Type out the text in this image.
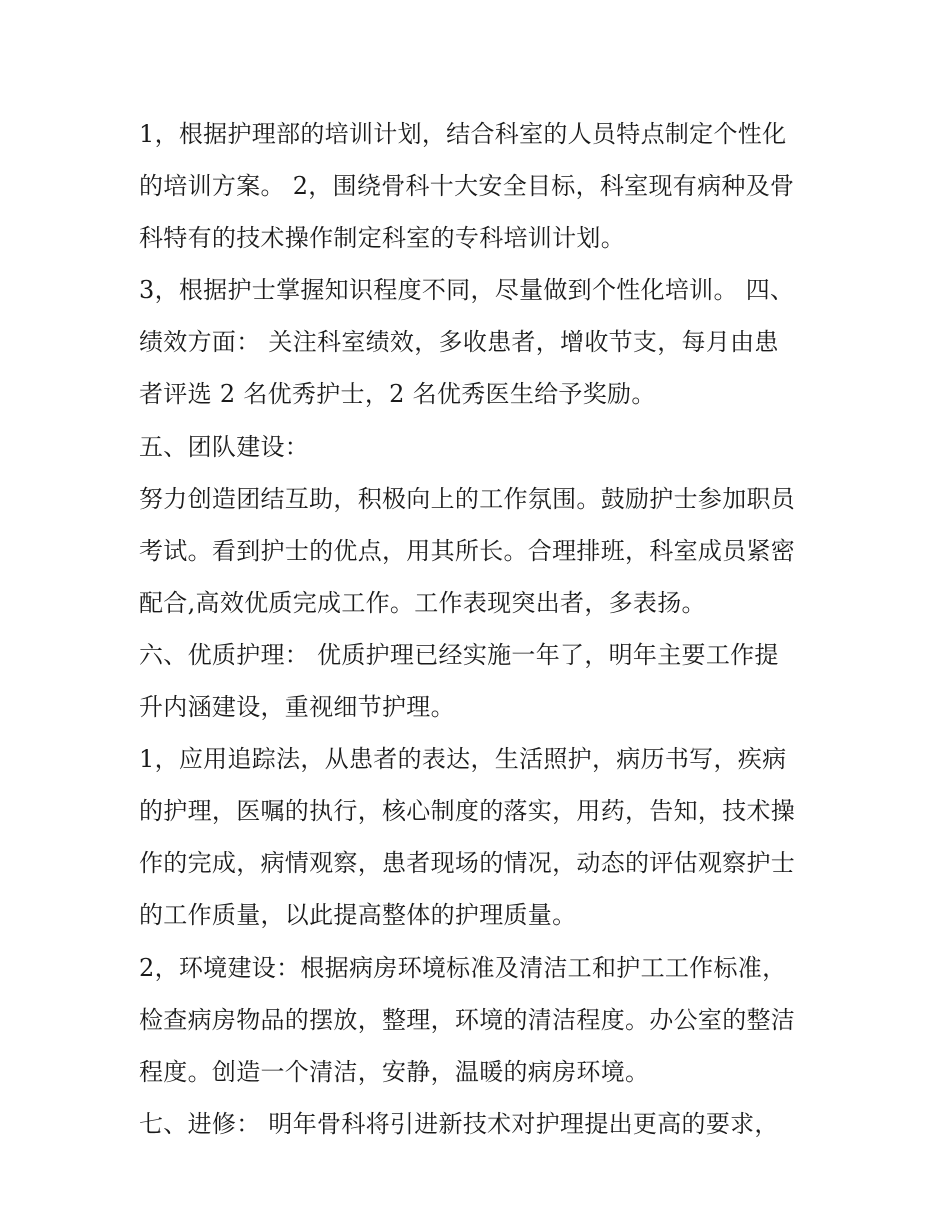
1，根据护理部的培训计划，结合科室的人员特点制定个性化
的培训方案。 2，围绕骨科十大安全目标，科室现有病种及骨
科特有的技术操作制定科室的专科培训计划。
3，根据护士掌握知识程度不同，尽量做到个性化培训。 四、
绩效方面： 关注科室绩效，多收患者，增收节支，每月由患
者评选 2 名优秀护士，2 名优秀医生给予奖励。
五、团队建设：
努力创造团结互助，积极向上的工作氛围。鼓励护士参加职员
考试。看到护士的优点，用其所长。合理排班，科室成员紧密
配合,高效优质完成工作。工作表现突出者，多表扬。
六、优质护理： 优质护理已经实施一年了，明年主要工作提
升内涵建设，重视细节护理。
1，应用追踪法，从患者的表达，生活照护，病历书写，疾病
的护理，医嘱的执行，核心制度的落实，用药，告知，技术操
作的完成，病情观察，患者现场的情况，动态的评估观察护士
的工作质量，以此提高整体的护理质量。
2，环境建设：根据病房环境标准及清洁工和护工工作标准，
检查病房物品的摆放，整理，环境的清洁程度。办公室的整洁
程度。创造一个清洁，安静，温暖的病房环境。
七、进修： 明年骨科将引进新技术对护理提出更高的要求，
